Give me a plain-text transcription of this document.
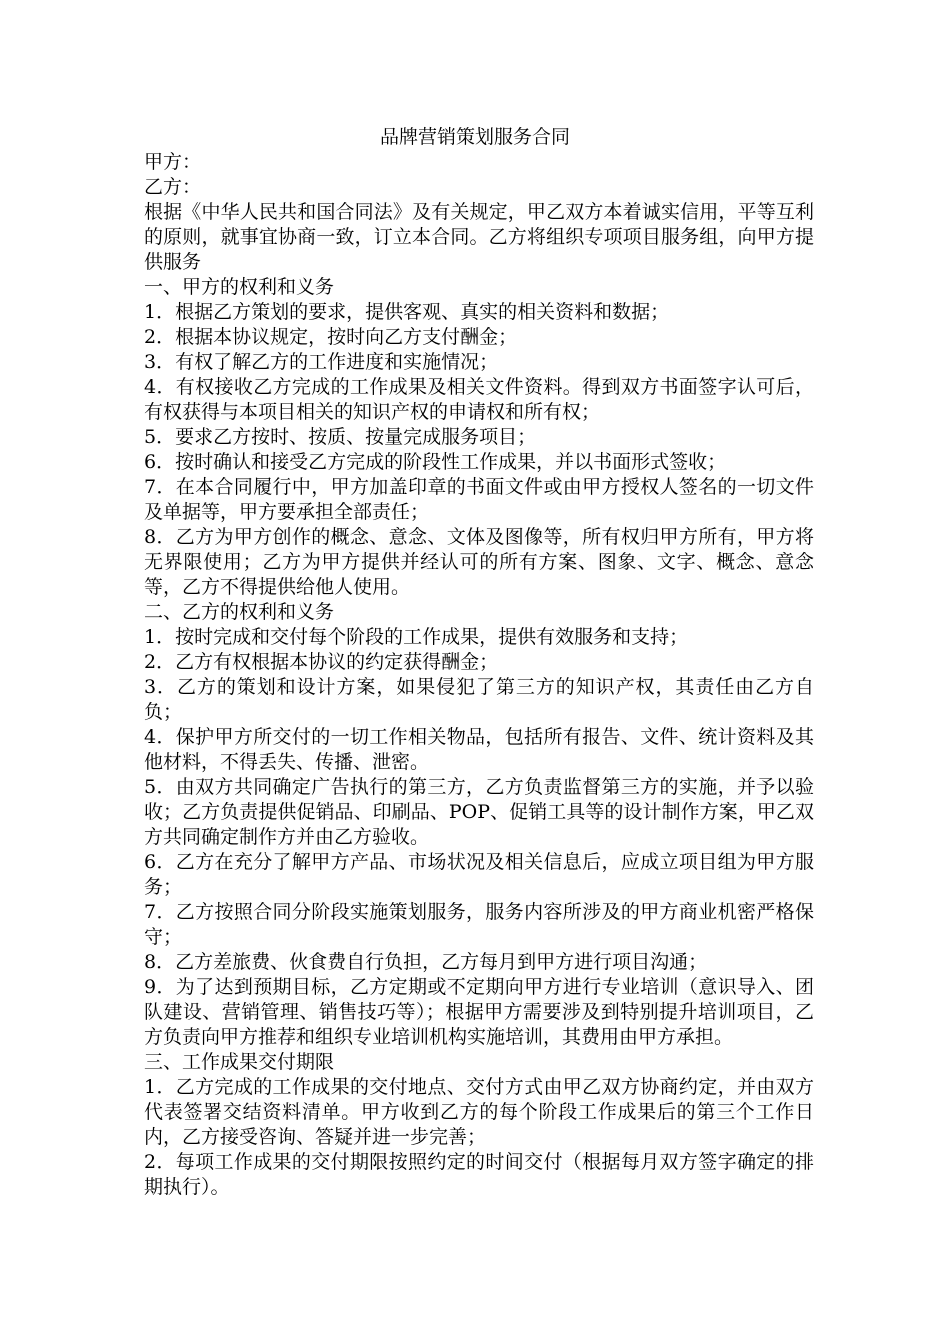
品牌营销策划服务合同

甲方：

乙方：

根据《中华人民共和国合同法》及有关规定，甲乙双方本着诚实信用，平等互利的原则，就事宜协商一致，订立本合同。乙方将组织专项项目服务组，向甲方提供服务

一、甲方的权利和义务

1．根据乙方策划的要求，提供客观、真实的相关资料和数据；

2．根据本协议规定，按时向乙方支付酬金；

3．有权了解乙方的工作进度和实施情况；

4．有权接收乙方完成的工作成果及相关文件资料。得到双方书面签字认可后，有权获得与本项目相关的知识产权的申请权和所有权；

5．要求乙方按时、按质、按量完成服务项目；

6．按时确认和接受乙方完成的阶段性工作成果，并以书面形式签收；

7．在本合同履行中，甲方加盖印章的书面文件或由甲方授权人签名的一切文件及单据等，甲方要承担全部责任；

8．乙方为甲方创作的概念、意念、文体及图像等，所有权归甲方所有，甲方将无界限使用；乙方为甲方提供并经认可的所有方案、图象、文字、概念、意念等，乙方不得提供给他人使用。

二、乙方的权利和义务

1．按时完成和交付每个阶段的工作成果，提供有效服务和支持；

2．乙方有权根据本协议的约定获得酬金；

3．乙方的策划和设计方案，如果侵犯了第三方的知识产权，其责任由乙方自负；

4．保护甲方所交付的一切工作相关物品，包括所有报告、文件、统计资料及其他材料，不得丢失、传播、泄密。

5．由双方共同确定广告执行的第三方，乙方负责监督第三方的实施，并予以验收；乙方负责提供促销品、印刷品、POP、促销工具等的设计制作方案，甲乙双方共同确定制作方并由乙方验收。

6．乙方在充分了解甲方产品、市场状况及相关信息后，应成立项目组为甲方服务；

7．乙方按照合同分阶段实施策划服务，服务内容所涉及的甲方商业机密严格保守；

8．乙方差旅费、伙食费自行负担，乙方每月到甲方进行项目沟通；

9．为了达到预期目标，乙方定期或不定期向甲方进行专业培训（意识导入、团队建设、营销管理、销售技巧等）；根据甲方需要涉及到特别提升培训项目，乙方负责向甲方推荐和组织专业培训机构实施培训，其费用由甲方承担。

三、工作成果交付期限

1．乙方完成的工作成果的交付地点、交付方式由甲乙双方协商约定，并由双方代表签署交结资料清单。甲方收到乙方的每个阶段工作成果后的第三个工作日内，乙方接受咨询、答疑并进一步完善；

2．每项工作成果的交付期限按照约定的时间交付（根据每月双方签字确定的排期执行）。
